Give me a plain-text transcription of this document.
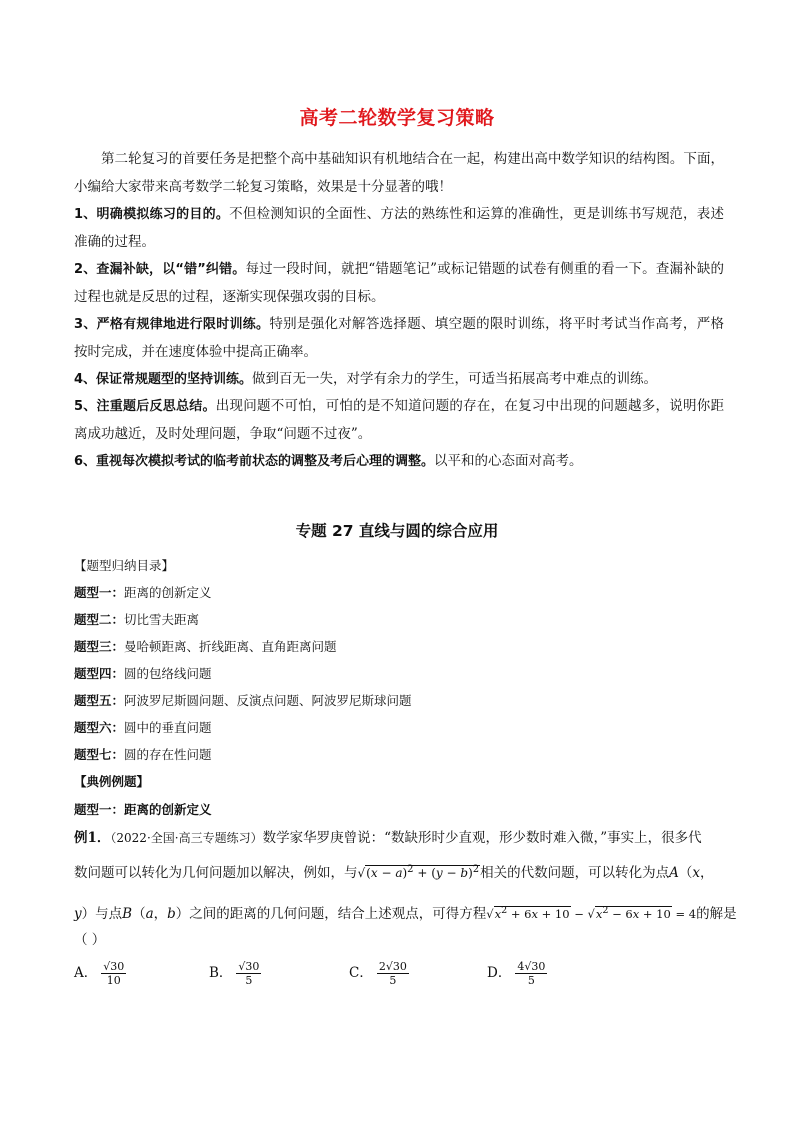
高考二轮数学复习策略
第二轮复习的首要任务是把整个高中基础知识有机地结合在一起，构建出高中数学知识的结构图。下面，小编给大家带来高考数学二轮复习策略，效果是十分显著的哦！
1、明确模拟练习的目的。不但检测知识的全面性、方法的熟练性和运算的准确性，更是训练书写规范，表述准确的过程。
2、查漏补缺，以“错”纠错。每过一段时间，就把“错题笔记”或标记错题的试卷有侧重的看一下。查漏补缺的过程也就是反思的过程，逐渐实现保强攻弱的目标。
3、严格有规律地进行限时训练。特别是强化对解答选择题、填空题的限时训练，将平时考试当作高考，严格按时完成，并在速度体验中提高正确率。
4、保证常规题型的坚持训练。做到百无一失，对学有余力的学生，可适当拓展高考中难点的训练。
5、注重题后反思总结。出现问题不可怕，可怕的是不知道问题的存在，在复习中出现的问题越多，说明你距离成功越近，及时处理问题，争取“问题不过夜”。
6、重视每次模拟考试的临考前状态的调整及考后心理的调整。以平和的心态面对高考。
专题 27 直线与圆的综合应用
【题型归纳目录】
题型一：距离的创新定义
题型二：切比雪夫距离
题型三：曼哈顿距离、折线距离、直角距离问题
题型四：圆的包络线问题
题型五：阿波罗尼斯圆问题、反演点问题、阿波罗尼斯球问题
题型六：圆中的垂直问题
题型七：圆的存在性问题
【典例例题】
题型一：距离的创新定义
例1．（2022·全国·高三专题练习）数学家华罗庚曾说：“数缺形时少直观，形少数时难入微，”事实上，很多代
数问题可以转化为几何问题加以解决，例如，与$√(x - a)^2 + (y - b)^2$相关的代数问题，可以转化为点A（x，
y）与点B（a，b）之间的距离的几何问题，结合上述观点，可得方程$√x^2 + 6x + 10 - √x^2 - 6x + 10 = 4$的解是
（ ）
A． $\frac{√30}{10}$	B． $\frac{√30}{5}$	C． $\frac{2√30}{5}$	D． $\frac{4√30}{5}$
